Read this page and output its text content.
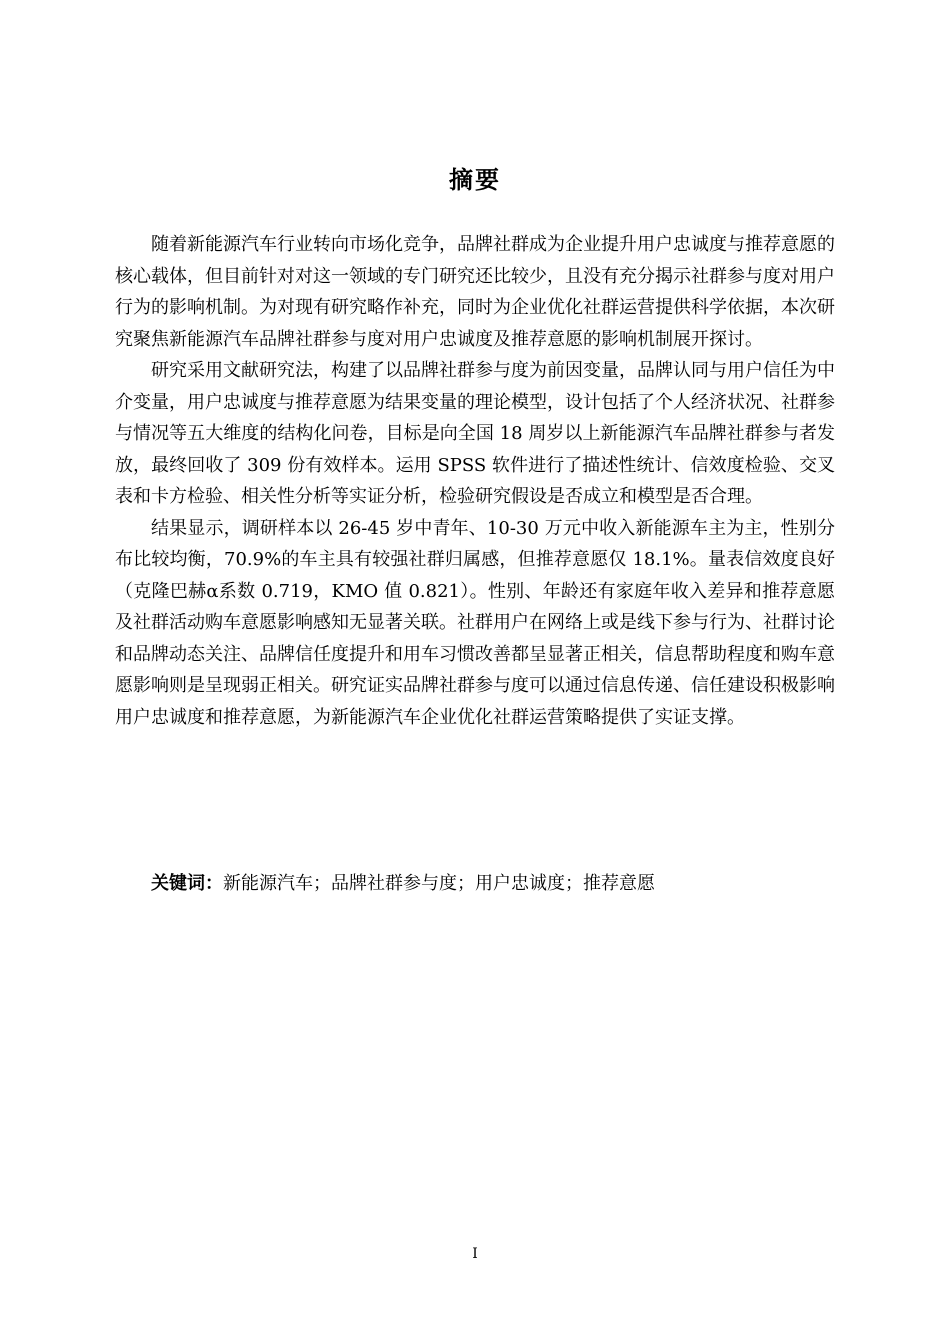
摘要

随着新能源汽车行业转向市场化竞争，品牌社群成为企业提升用户忠诚度与推荐意愿的核心载体，但目前针对对这一领域的专门研究还比较少，且没有充分揭示社群参与度对用户行为的影响机制。为对现有研究略作补充，同时为企业优化社群运营提供科学依据，本次研究聚焦新能源汽车品牌社群参与度对用户忠诚度及推荐意愿的影响机制展开探讨。

研究采用文献研究法，构建了以品牌社群参与度为前因变量，品牌认同与用户信任为中介变量，用户忠诚度与推荐意愿为结果变量的理论模型，设计包括了个人经济状况、社群参与情况等五大维度的结构化问卷，目标是向全国 18 周岁以上新能源汽车品牌社群参与者发放，最终回收了 309 份有效样本。运用 SPSS 软件进行了描述性统计、信效度检验、交叉表和卡方检验、相关性分析等实证分析，检验研究假设是否成立和模型是否合理。

结果显示，调研样本以 26-45 岁中青年、10-30 万元中收入新能源车主为主，性别分布比较均衡，70.9%的车主具有较强社群归属感，但推荐意愿仅 18.1%。量表信效度良好（克隆巴赫α系数 0.719，KMO 值 0.821）。性别、年龄还有家庭年收入差异和推荐意愿及社群活动购车意愿影响感知无显著关联。社群用户在网络上或是线下参与行为、社群讨论和品牌动态关注、品牌信任度提升和用车习惯改善都呈显著正相关，信息帮助程度和购车意愿影响则是呈现弱正相关。研究证实品牌社群参与度可以通过信息传递、信任建设积极影响用户忠诚度和推荐意愿，为新能源汽车企业优化社群运营策略提供了实证支撑。

关键词：新能源汽车；品牌社群参与度；用户忠诚度；推荐意愿
I
